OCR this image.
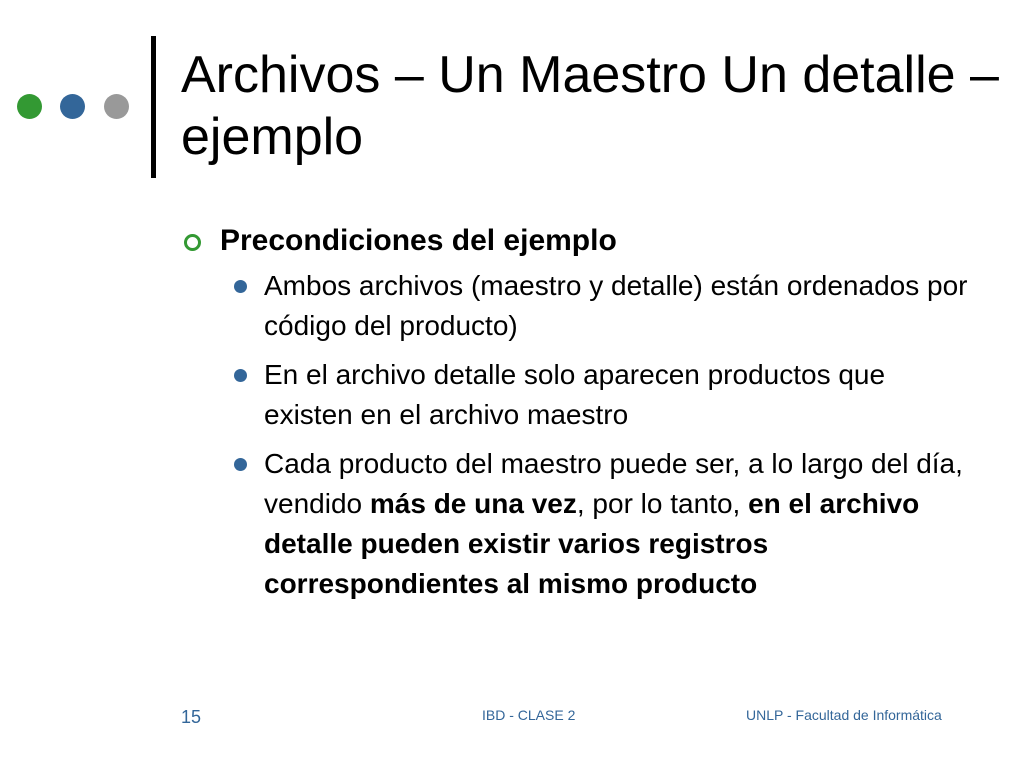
Archivos – Un Maestro Un detalle – ejemplo
Precondiciones del ejemplo
Ambos archivos (maestro y detalle) están ordenados por código del producto)
En el archivo detalle solo aparecen productos que existen en el archivo maestro
Cada producto del maestro puede ser, a lo largo del día, vendido más de una vez, por lo tanto, en el archivo detalle pueden existir varios registros correspondientes al mismo producto
15	IBD - CLASE 2	UNLP - Facultad de Informática
